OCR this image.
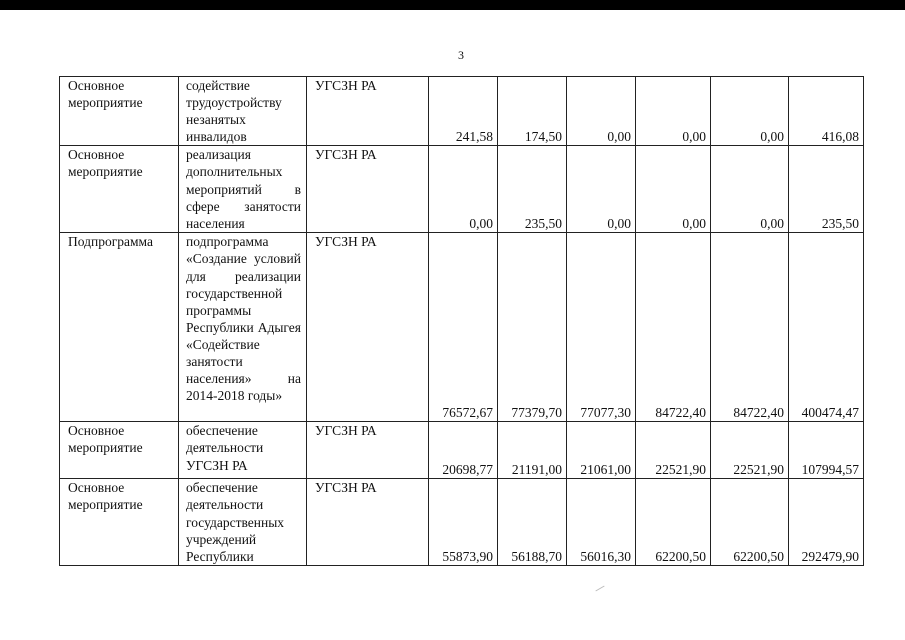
3
Основное мероприятие	содействие трудоустройству незанятых инвалидов	УГСЗН РА	241,58	174,50	0,00	0,00	0,00	416,08
Основное мероприятие	реализация дополнительных мероприятий в сфере занятости населения	УГСЗН РА	0,00	235,50	0,00	0,00	0,00	235,50
Подпрограмма	подпрограмма «Создание условий для реализации государственной программы Республики Адыгея «Содействие занятости населения» на 2014-2018 годы»	УГСЗН РА	76572,67	77379,70	77077,30	84722,40	84722,40	400474,47
Основное мероприятие	обеспечение деятельности УГСЗН РА	УГСЗН РА	20698,77	21191,00	21061,00	22521,90	22521,90	107994,57
Основное мероприятие	обеспечение деятельности государственных учреждений Республики	УГСЗН РА	55873,90	56188,70	56016,30	62200,50	62200,50	292479,90
